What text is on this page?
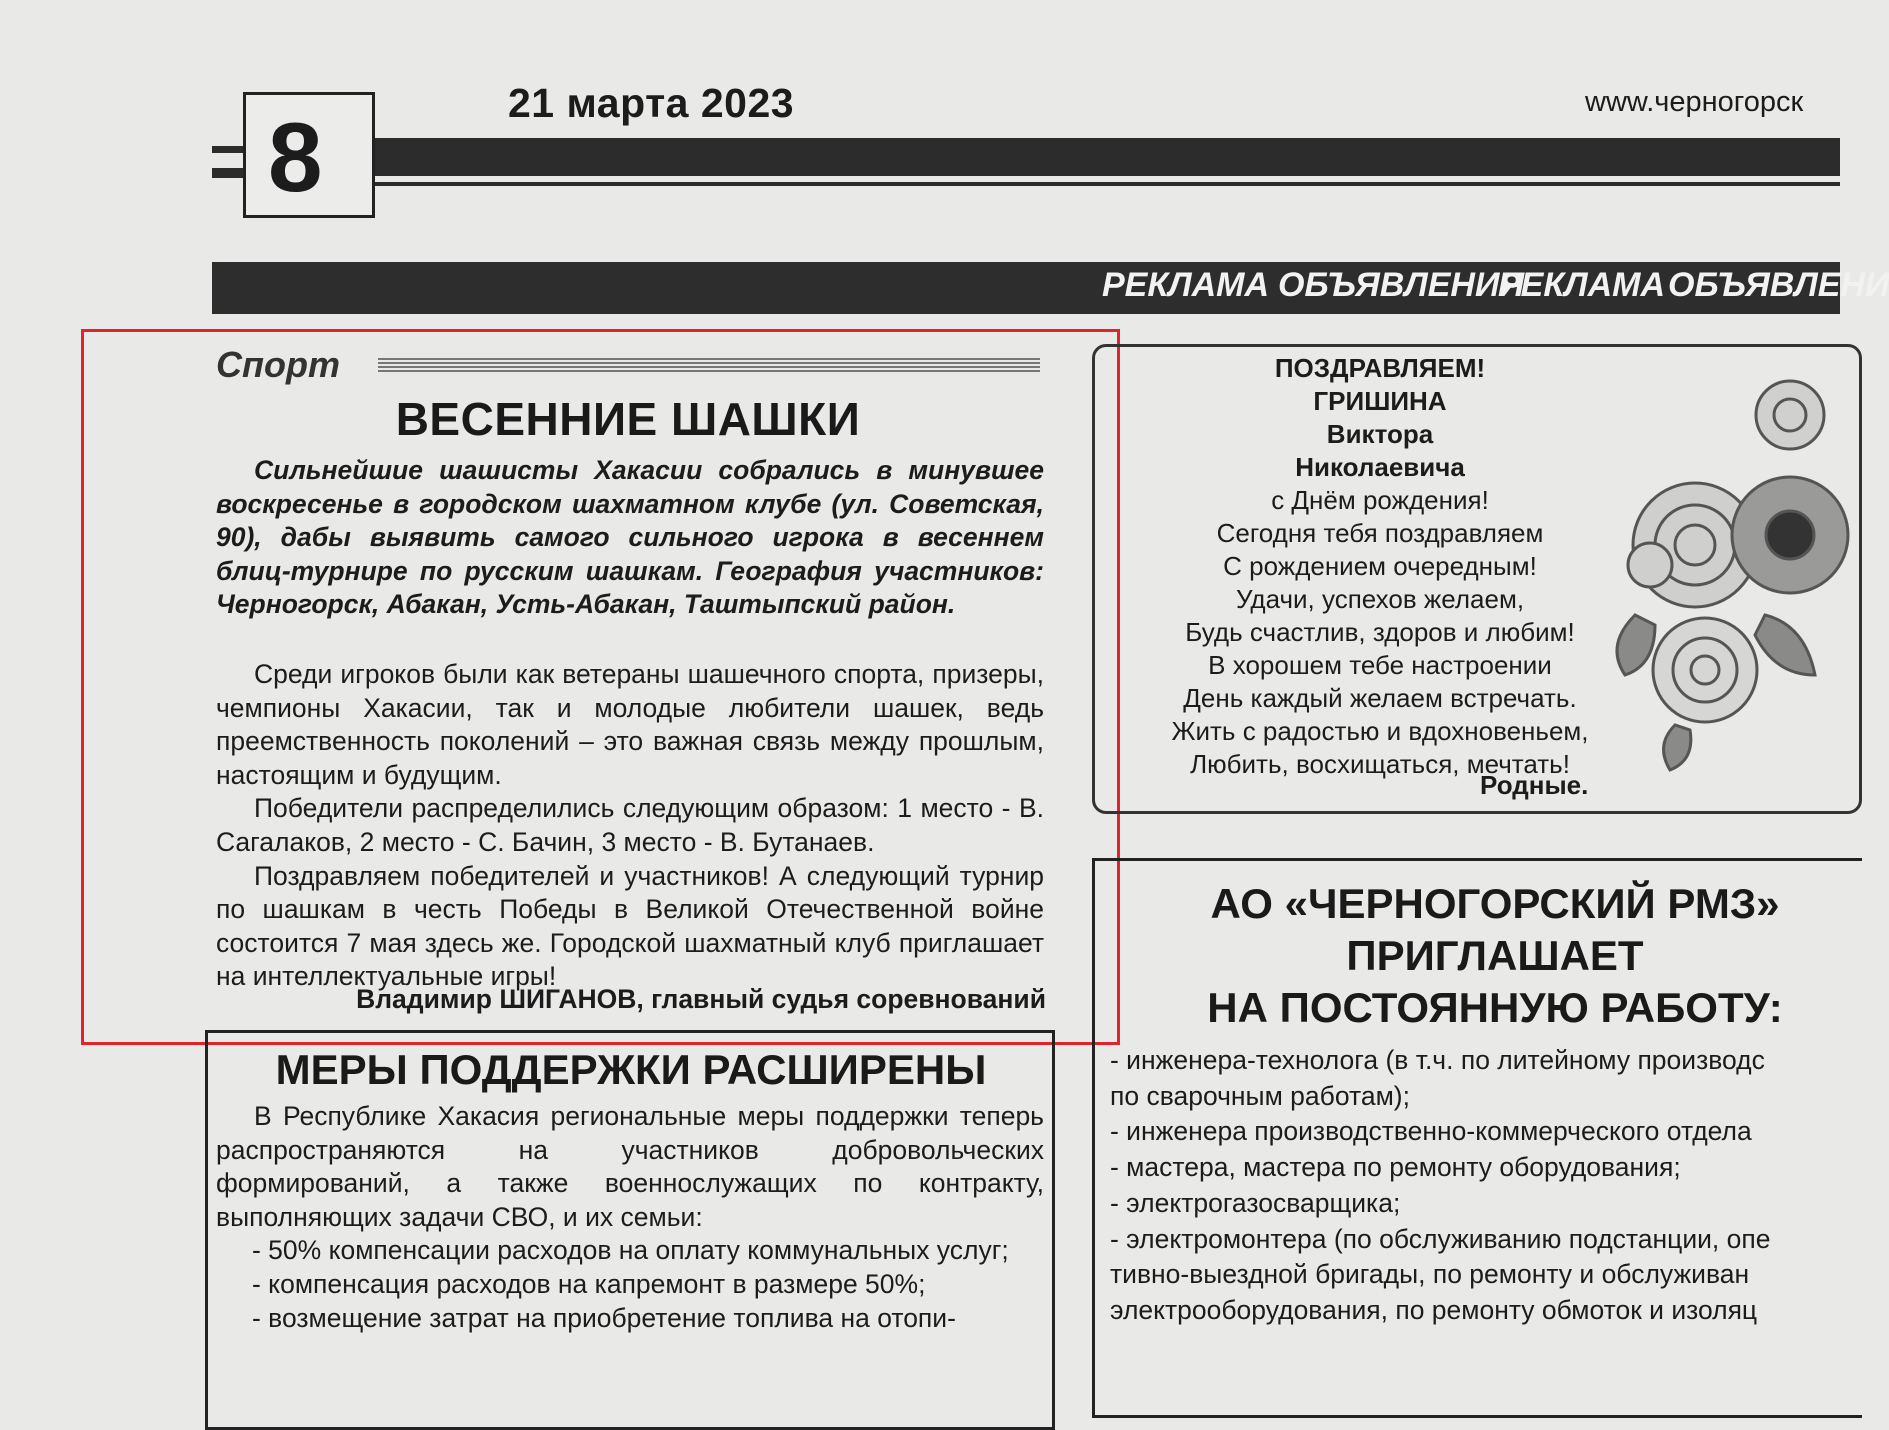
8	21 марта 2023	www.черногорск
РЕКЛАМА ОБЪЯВЛЕНИЯ
РЕКЛАМА ОБЪЯВЛЕНИ
Спорт
ВЕСЕННИЕ ШАШКИ

Сильнейшие шашисты Хакасии собрались в минувшее воскресенье в городском шахматном клубе (ул. Советская, 90), дабы выявить самого сильного игрока в весеннем блиц-турнире по русским шашкам. География участников: Черногорск, Абакан, Усть-Абакан, Таштыпский район.

Среди игроков были как ветераны шашечного спорта, призеры, чемпионы Хакасии, так и молодые любители шашек, ведь преемственность поколений – это важная связь между прошлым, настоящим и будущим.

Победители распределились следующим образом: 1 место - В. Сагалаков, 2 место - С. Бачин, 3 место - В. Бутанаев.

Поздравляем победителей и участников! А следующий турнир по шашкам в честь Победы в Великой Отечественной войне состоится 7 мая здесь же. Городской шахматный клуб приглашает на интеллектуальные игры!

Владимир ШИГАНОВ, главный судья соревнований
МЕРЫ ПОДДЕРЖКИ РАСШИРЕНЫ

В Республике Хакасия региональные меры поддержки теперь распространяются на участников добровольческих формирований, а также военнослужащих по контракту, выполняющих задачи СВО, и их семьи:

- 50% компенсации расходов на оплату коммунальных услуг;

- компенсация расходов на капремонт в размере 50%;

- возмещение затрат на приобретение топлива на отопи-

ПОЗДРАВЛЯЕМ!
ГРИШИНА
Виктора
Николаевича
с Днём рождения!
Сегодня тебя поздравляем
С рождением очередным!
Удачи, успехов желаем,
Будь счастлив, здоров и любим!
В хорошем тебе настроении
День каждый желаем встречать.
Жить с радостью и вдохновеньем,
Любить, восхищаться, мечтать!
Родные.
АО «ЧЕРНОГОРСКИЙ РМЗ»
ПРИГЛАШАЕТ
НА ПОСТОЯННУЮ РАБОТУ:
- инженера-технолога (в т.ч. по литейному производс
по сварочным работам);
- инженера производственно-коммерческого отдела
- мастера, мастера по ремонту оборудования;
- электрогазосварщика;
- электромонтера (по обслуживанию подстанции, опе
тивно-выездной бригады, по ремонту и обслуживан
электрооборудования, по ремонту обмоток и изоляц
